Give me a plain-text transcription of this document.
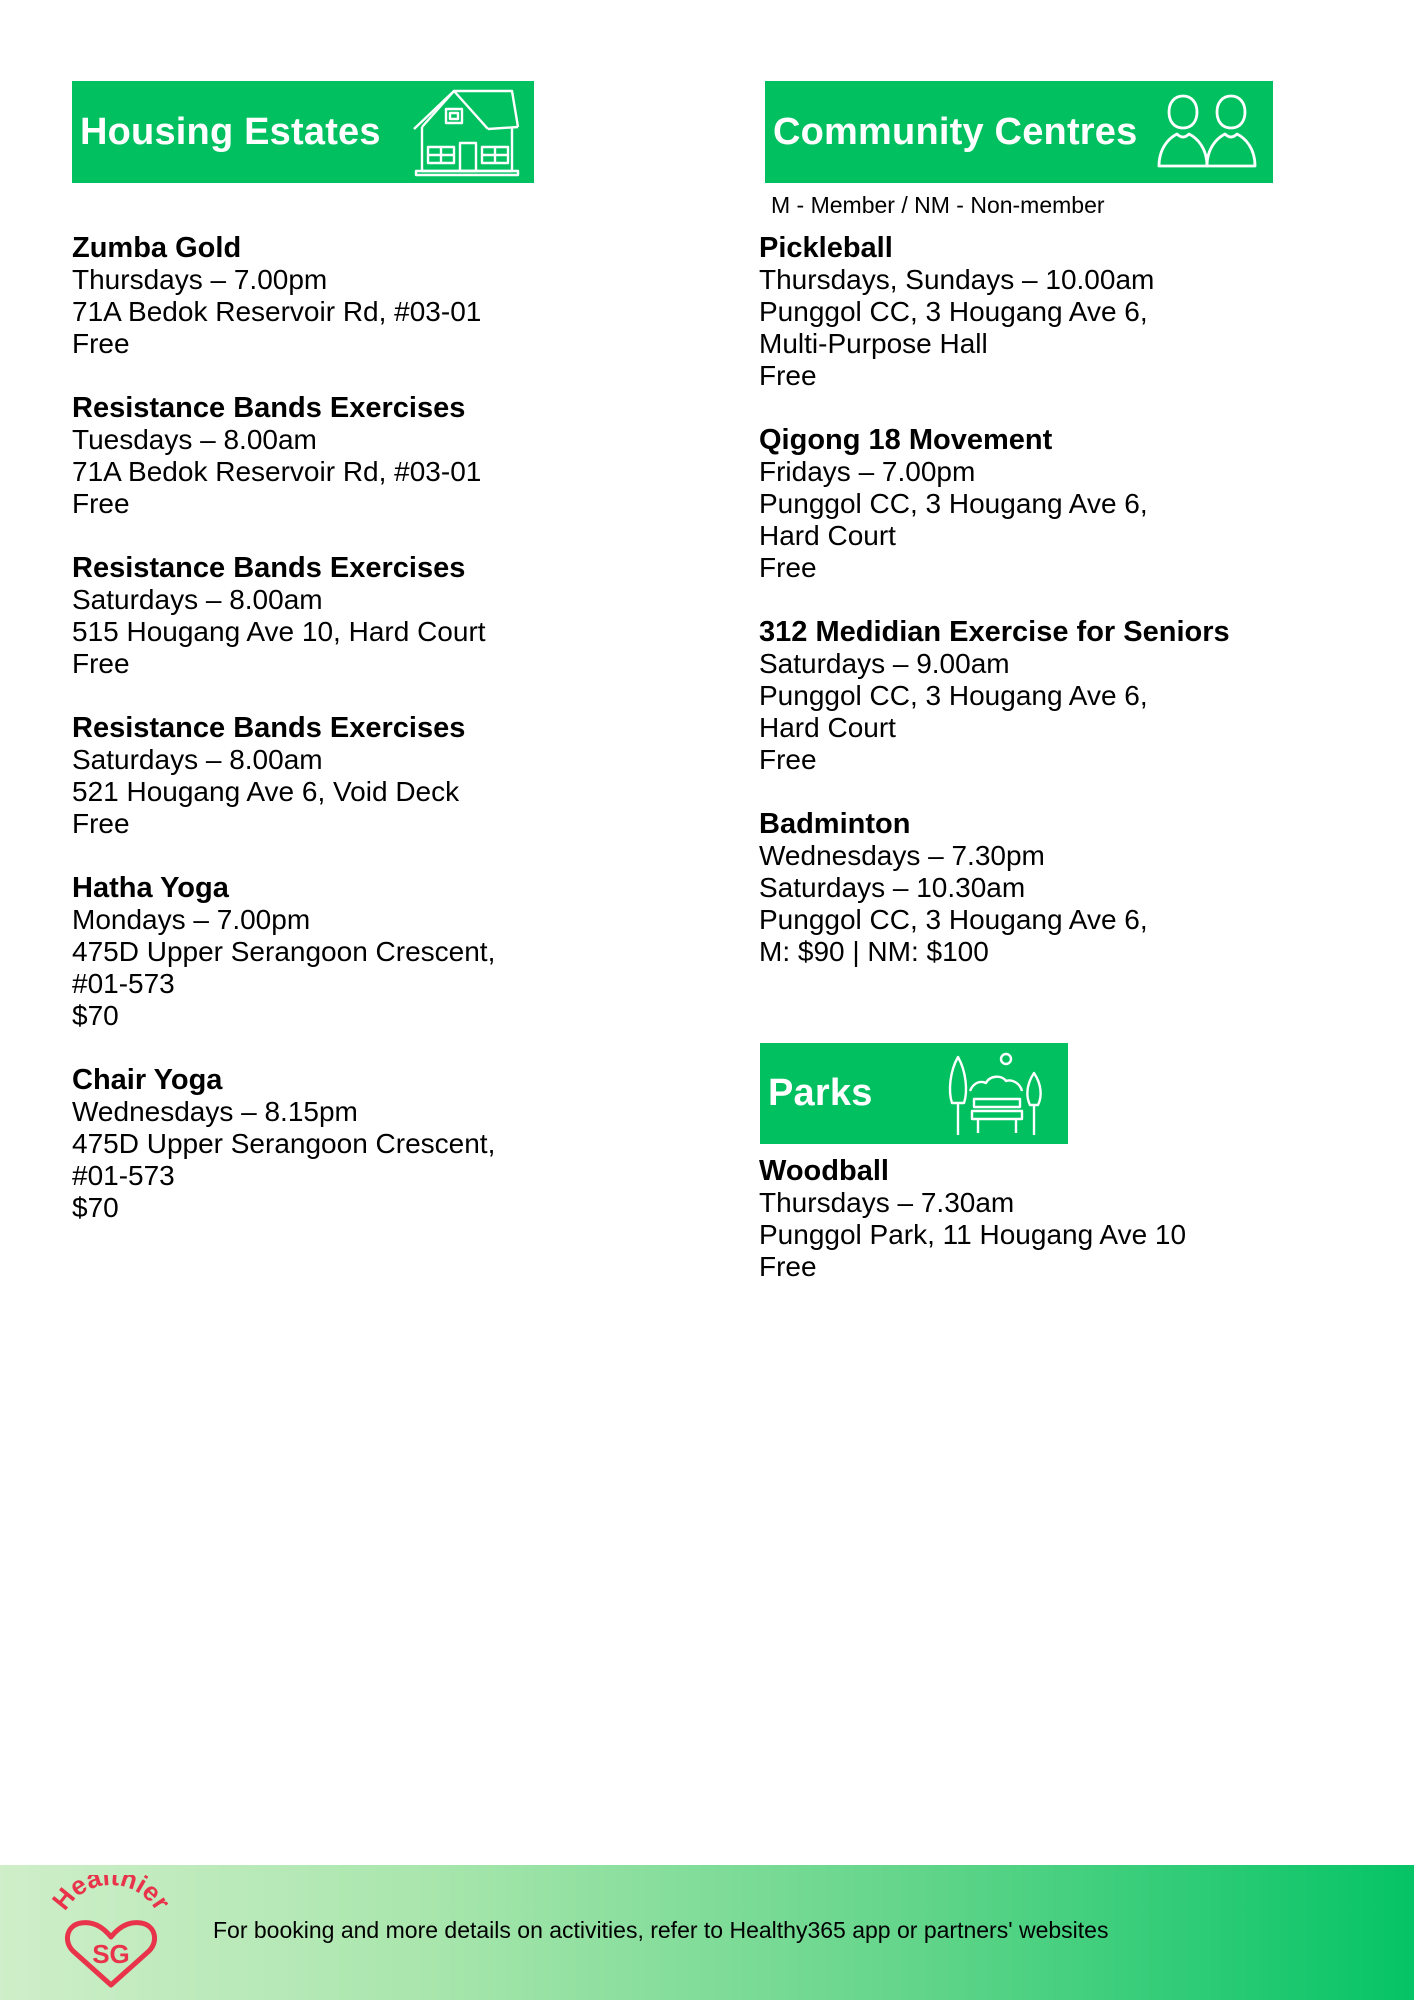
Housing Estates	Community Centres
M - Member / NM - Non-member
Parks
Zumba Gold
Thursdays – 7.00pm
71A Bedok Reservoir Rd, #03-01
Free
Resistance Bands Exercises
Tuesdays – 8.00am
71A Bedok Reservoir Rd, #03-01
Free
Resistance Bands Exercises
Saturdays – 8.00am
515 Hougang Ave 10, Hard Court
Free
Resistance Bands Exercises
Saturdays – 8.00am
521 Hougang Ave 6, Void Deck
Free
Hatha Yoga
Mondays – 7.00pm
475D Upper Serangoon Crescent,
#01-573
$70
Chair Yoga
Wednesdays – 8.15pm
475D Upper Serangoon Crescent,
#01-573
$70
Pickleball
Thursdays, Sundays – 10.00am
Punggol CC, 3 Hougang Ave 6,
Multi-Purpose Hall
Free
Qigong 18 Movement
Fridays – 7.00pm
Punggol CC, 3 Hougang Ave 6,
Hard Court
Free
312 Medidian Exercise for Seniors
Saturdays – 9.00am
Punggol CC, 3 Hougang Ave 6,
Hard Court
Free
Badminton
Wednesdays – 7.30pm
Saturdays – 10.30am
Punggol CC, 3 Hougang Ave 6,
M: $90 | NM: $100
Woodball
Thursdays – 7.30am
Punggol Park, 11 Hougang Ave 10
Free
Healthier
SG
For booking and more details on activities, refer to Healthy365 app or partners' websites
